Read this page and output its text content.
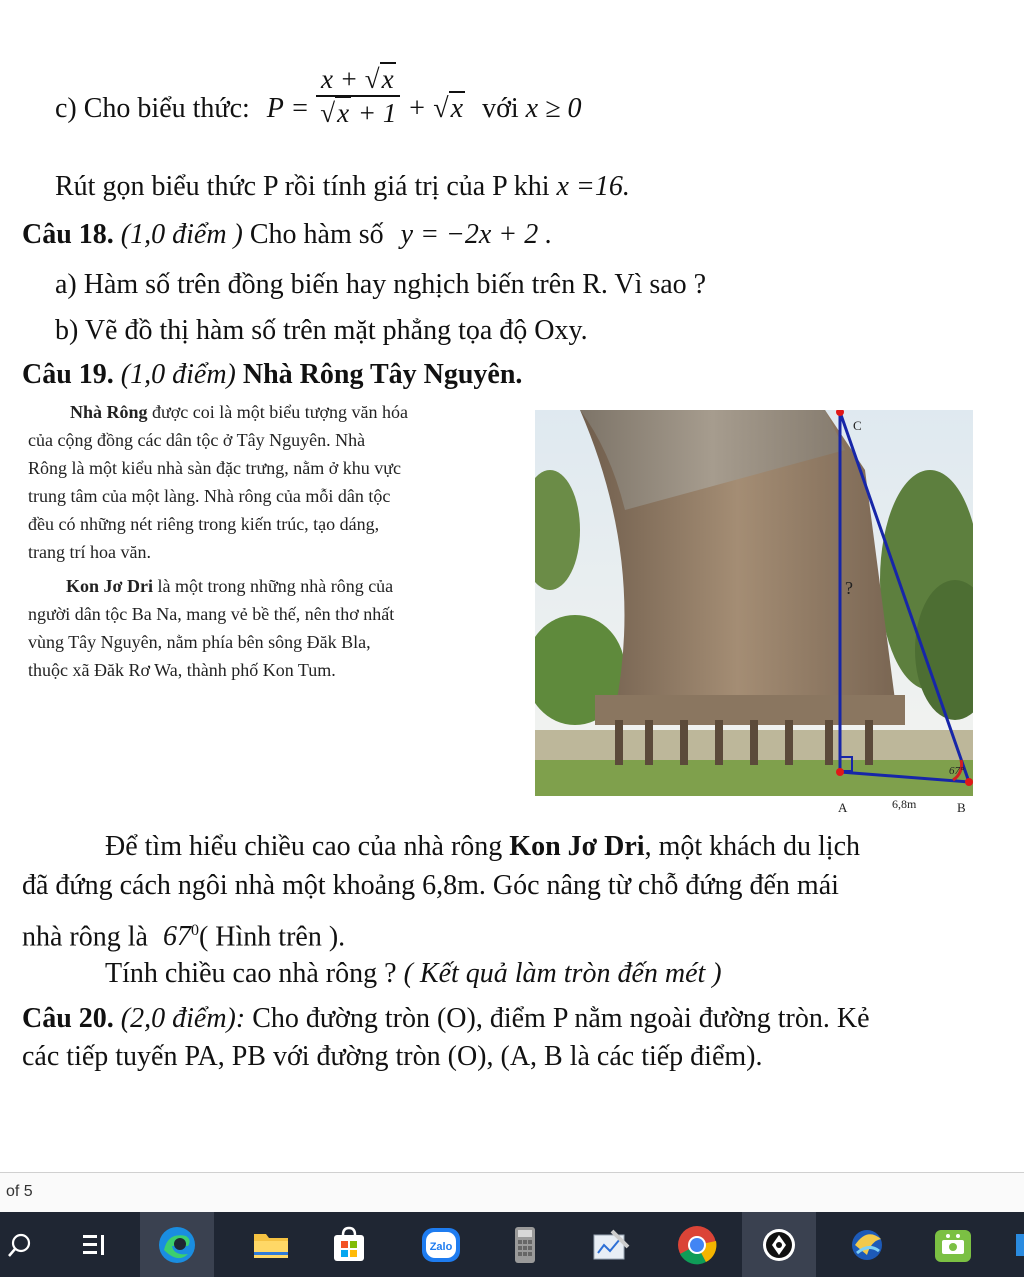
c) Cho biểu thức: $P = \frac{x + √x}{√x + 1} + √x$ với x ≥ 0
Rút gọn biểu thức P rồi tính giá trị của P khi x =16.
Câu 18. (1,0 điểm ) Cho hàm số y = −2x + 2 .
a) Hàm số trên đồng biến hay nghịch biến trên R. Vì sao ?
b) Vẽ đồ thị hàm số trên mặt phẳng tọa độ Oxy.
Câu 19. (1,0 điểm) Nhà Rông Tây Nguyên.
Nhà Rông được coi là một biểu tượng văn hóa
của cộng đồng các dân tộc ở Tây Nguyên. Nhà
Rông là một kiểu nhà sàn đặc trưng, nằm ở khu vực
trung tâm của một làng. Nhà rông của mỗi dân tộc
đều có những nét riêng trong kiến trúc, tạo dáng,
trang trí hoa văn.
Kon Jơ Dri là một trong những nhà rông của
người dân tộc Ba Na, mang vẻ bề thế, nên thơ nhất
vùng Tây Nguyên, nằm phía bên sông Đăk Bla,
thuộc xã Đăk Rơ Wa, thành phố Kon Tum.
C
?
67°
A	6,8m	B
Để tìm hiểu chiều cao của nhà rông Kon Jơ Dri, một khách du lịch
đã đứng cách ngôi nhà một khoảng 6,8m. Góc nâng từ chỗ đứng đến mái
nhà rông là $67^0$( Hình trên ).
Tính chiều cao nhà rông ? ( Kết quả làm tròn đến mét )
Câu 20. (2,0 điểm): Cho đường tròn (O), điểm P nằm ngoài đường tròn. Kẻ
các tiếp tuyến PA, PB với đường tròn (O), (A, B là các tiếp điểm).
of 5
Zalo
